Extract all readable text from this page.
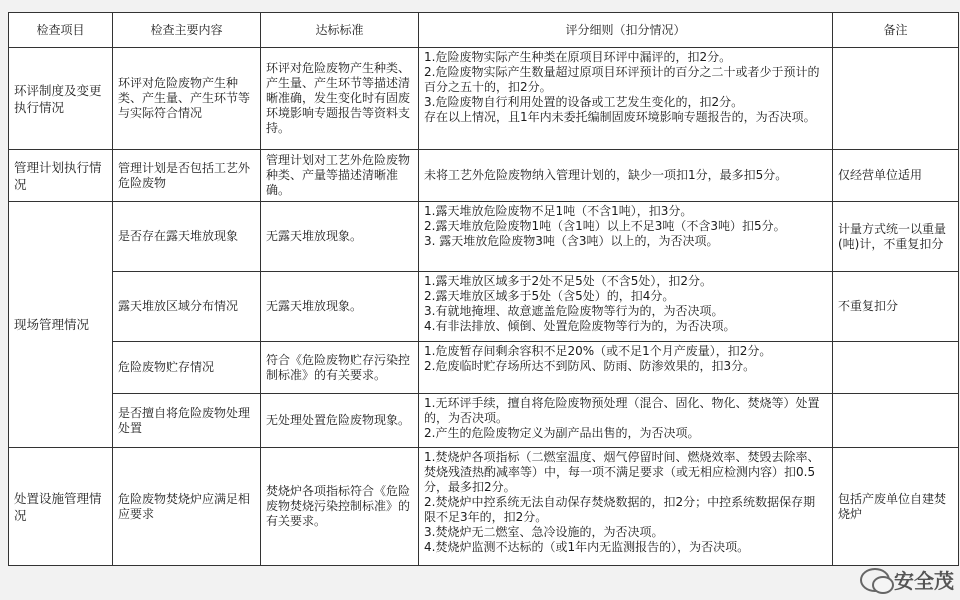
检查项目	检查主要内容	达标标准	评分细则（扣分情况）	备注
环评制度及变更执行情况	环评对危险废物产生种类、产生量、产生环节等与实际符合情况	环评对危险废物产生种类、产生量、产生环节等描述清晰准确，发生变化时有固废环境影响专题报告等资料支持。	1.危险废物实际产生种类在原项目环评中漏评的，扣2分。
2.危险废物实际产生数量超过原项目环评预计的百分之二十或者少于预计的百分之五十的，扣2分。
3.危险废物自行利用处置的设备或工艺发生变化的，扣2分。
存在以上情况，且1年内未委托编制固废环境影响专题报告的，为否决项。	

管理计划执行情况	管理计划是否包括工艺外危险废物	管理计划对工艺外危险废物种类、产量等描述清晰准确。	未将工艺外危险废物纳入管理计划的，缺少一项扣1分，最多扣5分。	仅经营单位适用
现场管理情况	是否存在露天堆放现象	无露天堆放现象。	1.露天堆放危险废物不足1吨（不含1吨），扣3分。
2.露天堆放危险废物1吨（含1吨）以上不足3吨（不含3吨）扣5分。
3. 露天堆放危险废物3吨（含3吨）以上的，为否决项。	计量方式统一以重量(吨)计，不重复扣分
	露天堆放区域分布情况	无露天堆放现象。	1.露天堆放区域多于2处不足5处（不含5处），扣2分。
2.露天堆放区域多于5处（含5处）的，扣4分。
3.有就地掩埋、故意遮盖危险废物等行为的，为否决项。
4.有非法排放、倾倒、处置危险废物等行为的，为否决项。	不重复扣分
	危险废物贮存情况	符合《危险废物贮存污染控制标准》的有关要求。	1.危废暂存间剩余容积不足20%（或不足1个月产废量），扣2分。
2.危废临时贮存场所达不到防风、防雨、防渗效果的，扣3分。	

	是否擅自将危险废物处理处置	无处理处置危险废物现象。	1.无环评手续，擅自将危险废物预处理（混合、固化、物化、焚烧等）处置的，为否决项。
2.产生的危险废物定义为副产品出售的，为否决项。	

处置设施管理情况	危险废物焚烧炉应满足相应要求	焚烧炉各项指标符合《危险废物焚烧污染控制标准》的有关要求。	1.焚烧炉各项指标（二燃室温度、烟气停留时间、燃烧效率、焚毁去除率、焚烧残渣热酌减率等）中，每一项不满足要求（或无相应检测内容）扣0.5分，最多扣2分。
2.焚烧炉中控系统无法自动保存焚烧数据的，扣2分；中控系统数据保存期限不足3年的，扣2分。
3.焚烧炉无二燃室、急冷设施的，为否决项。
4.焚烧炉监测不达标的（或1年内无监测报告的），为否决项。	包括产废单位自建焚烧炉
安全茂
